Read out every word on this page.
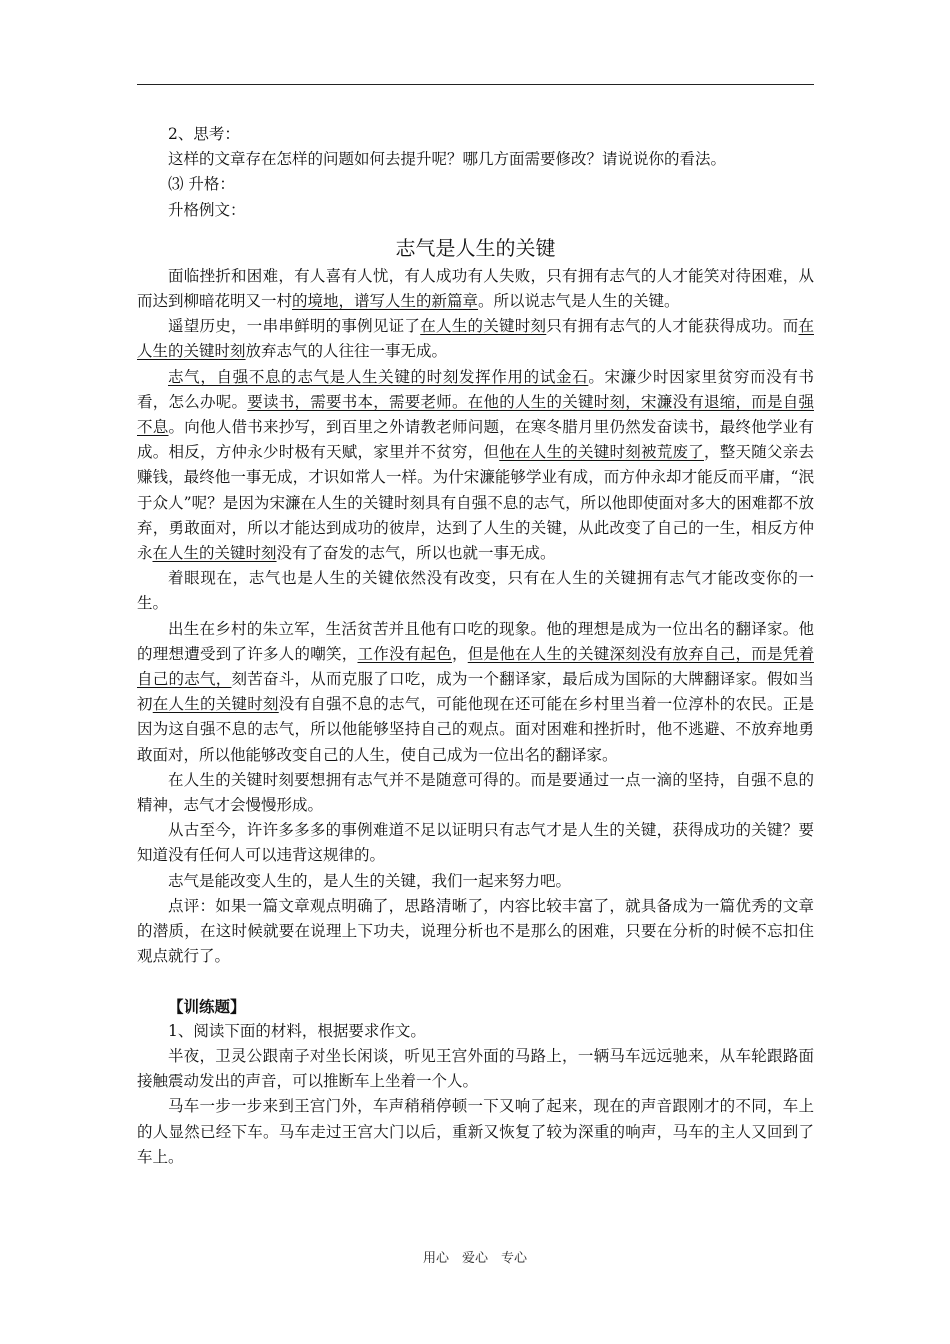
2、思考：

这样的文章存在怎样的问题如何去提升呢？哪几方面需要修改？请说说你的看法。

⑶ 升格：

升格例文：

志气是人生的关键

面临挫折和困难，有人喜有人忧，有人成功有人失败，只有拥有志气的人才能笑对待困难，从而达到柳暗花明又一村的境地，谱写人生的新篇章。所以说志气是人生的关键。

遥望历史，一串串鲜明的事例见证了在人生的关键时刻只有拥有志气的人才能获得成功。而在人生的关键时刻放弃志气的人往往一事无成。

志气，自强不息的志气是人生关键的时刻发挥作用的试金石。宋濂少时因家里贫穷而没有书看，怎么办呢。要读书，需要书本，需要老师。在他的人生的关键时刻，宋濂没有退缩，而是自强不息。向他人借书来抄写，到百里之外请教老师问题，在寒冬腊月里仍然发奋读书，最终他学业有成。相反，方仲永少时极有天赋，家里并不贫穷，但他在人生的关键时刻被荒废了，整天随父亲去赚钱，最终他一事无成，才识如常人一样。为什宋濂能够学业有成，而方仲永却才能反而平庸，“泯于众人”呢？是因为宋濂在人生的关键时刻具有自强不息的志气，所以他即使面对多大的困难都不放弃，勇敢面对，所以才能达到成功的彼岸，达到了人生的关键，从此改变了自己的一生，相反方仲永在人生的关键时刻没有了奋发的志气，所以也就一事无成。

着眼现在，志气也是人生的关键依然没有改变，只有在人生的关键拥有志气才能改变你的一生。

出生在乡村的朱立军，生活贫苦并且他有口吃的现象。他的理想是成为一位出名的翻译家。他的理想遭受到了许多人的嘲笑，工作没有起色，但是他在人生的关键深刻没有放弃自己，而是凭着自己的志气，刻苦奋斗，从而克服了口吃，成为一个翻译家，最后成为国际的大牌翻译家。假如当初在人生的关键时刻没有自强不息的志气，可能他现在还可能在乡村里当着一位淳朴的农民。正是因为这自强不息的志气，所以他能够坚持自己的观点。面对困难和挫折时，他不逃避、不放弃地勇敢面对，所以他能够改变自己的人生，使自己成为一位出名的翻译家。

在人生的关键时刻要想拥有志气并不是随意可得的。而是要通过一点一滴的坚持，自强不息的精神，志气才会慢慢形成。

从古至今，许许多多多的事例难道不足以证明只有志气才是人生的关键，获得成功的关键？要知道没有任何人可以违背这规律的。

志气是能改变人生的，是人生的关键，我们一起来努力吧。

点评：如果一篇文章观点明确了，思路清晰了，内容比较丰富了，就具备成为一篇优秀的文章的潜质，在这时候就要在说理上下功夫，说理分析也不是那么的困难，只要在分析的时候不忘扣住观点就行了。

【训练题】

1、阅读下面的材料，根据要求作文。

半夜，卫灵公跟南子对坐长闲谈，听见王宫外面的马路上，一辆马车远远驰来，从车轮跟路面接触震动发出的声音，可以推断车上坐着一个人。

马车一步一步来到王宫门外，车声稍稍停顿一下又响了起来，现在的声音跟刚才的不同，车上的人显然已经下车。马车走过王宫大门以后，重新又恢复了较为深重的响声，马车的主人又回到了车上。

用心　爱心　专心
